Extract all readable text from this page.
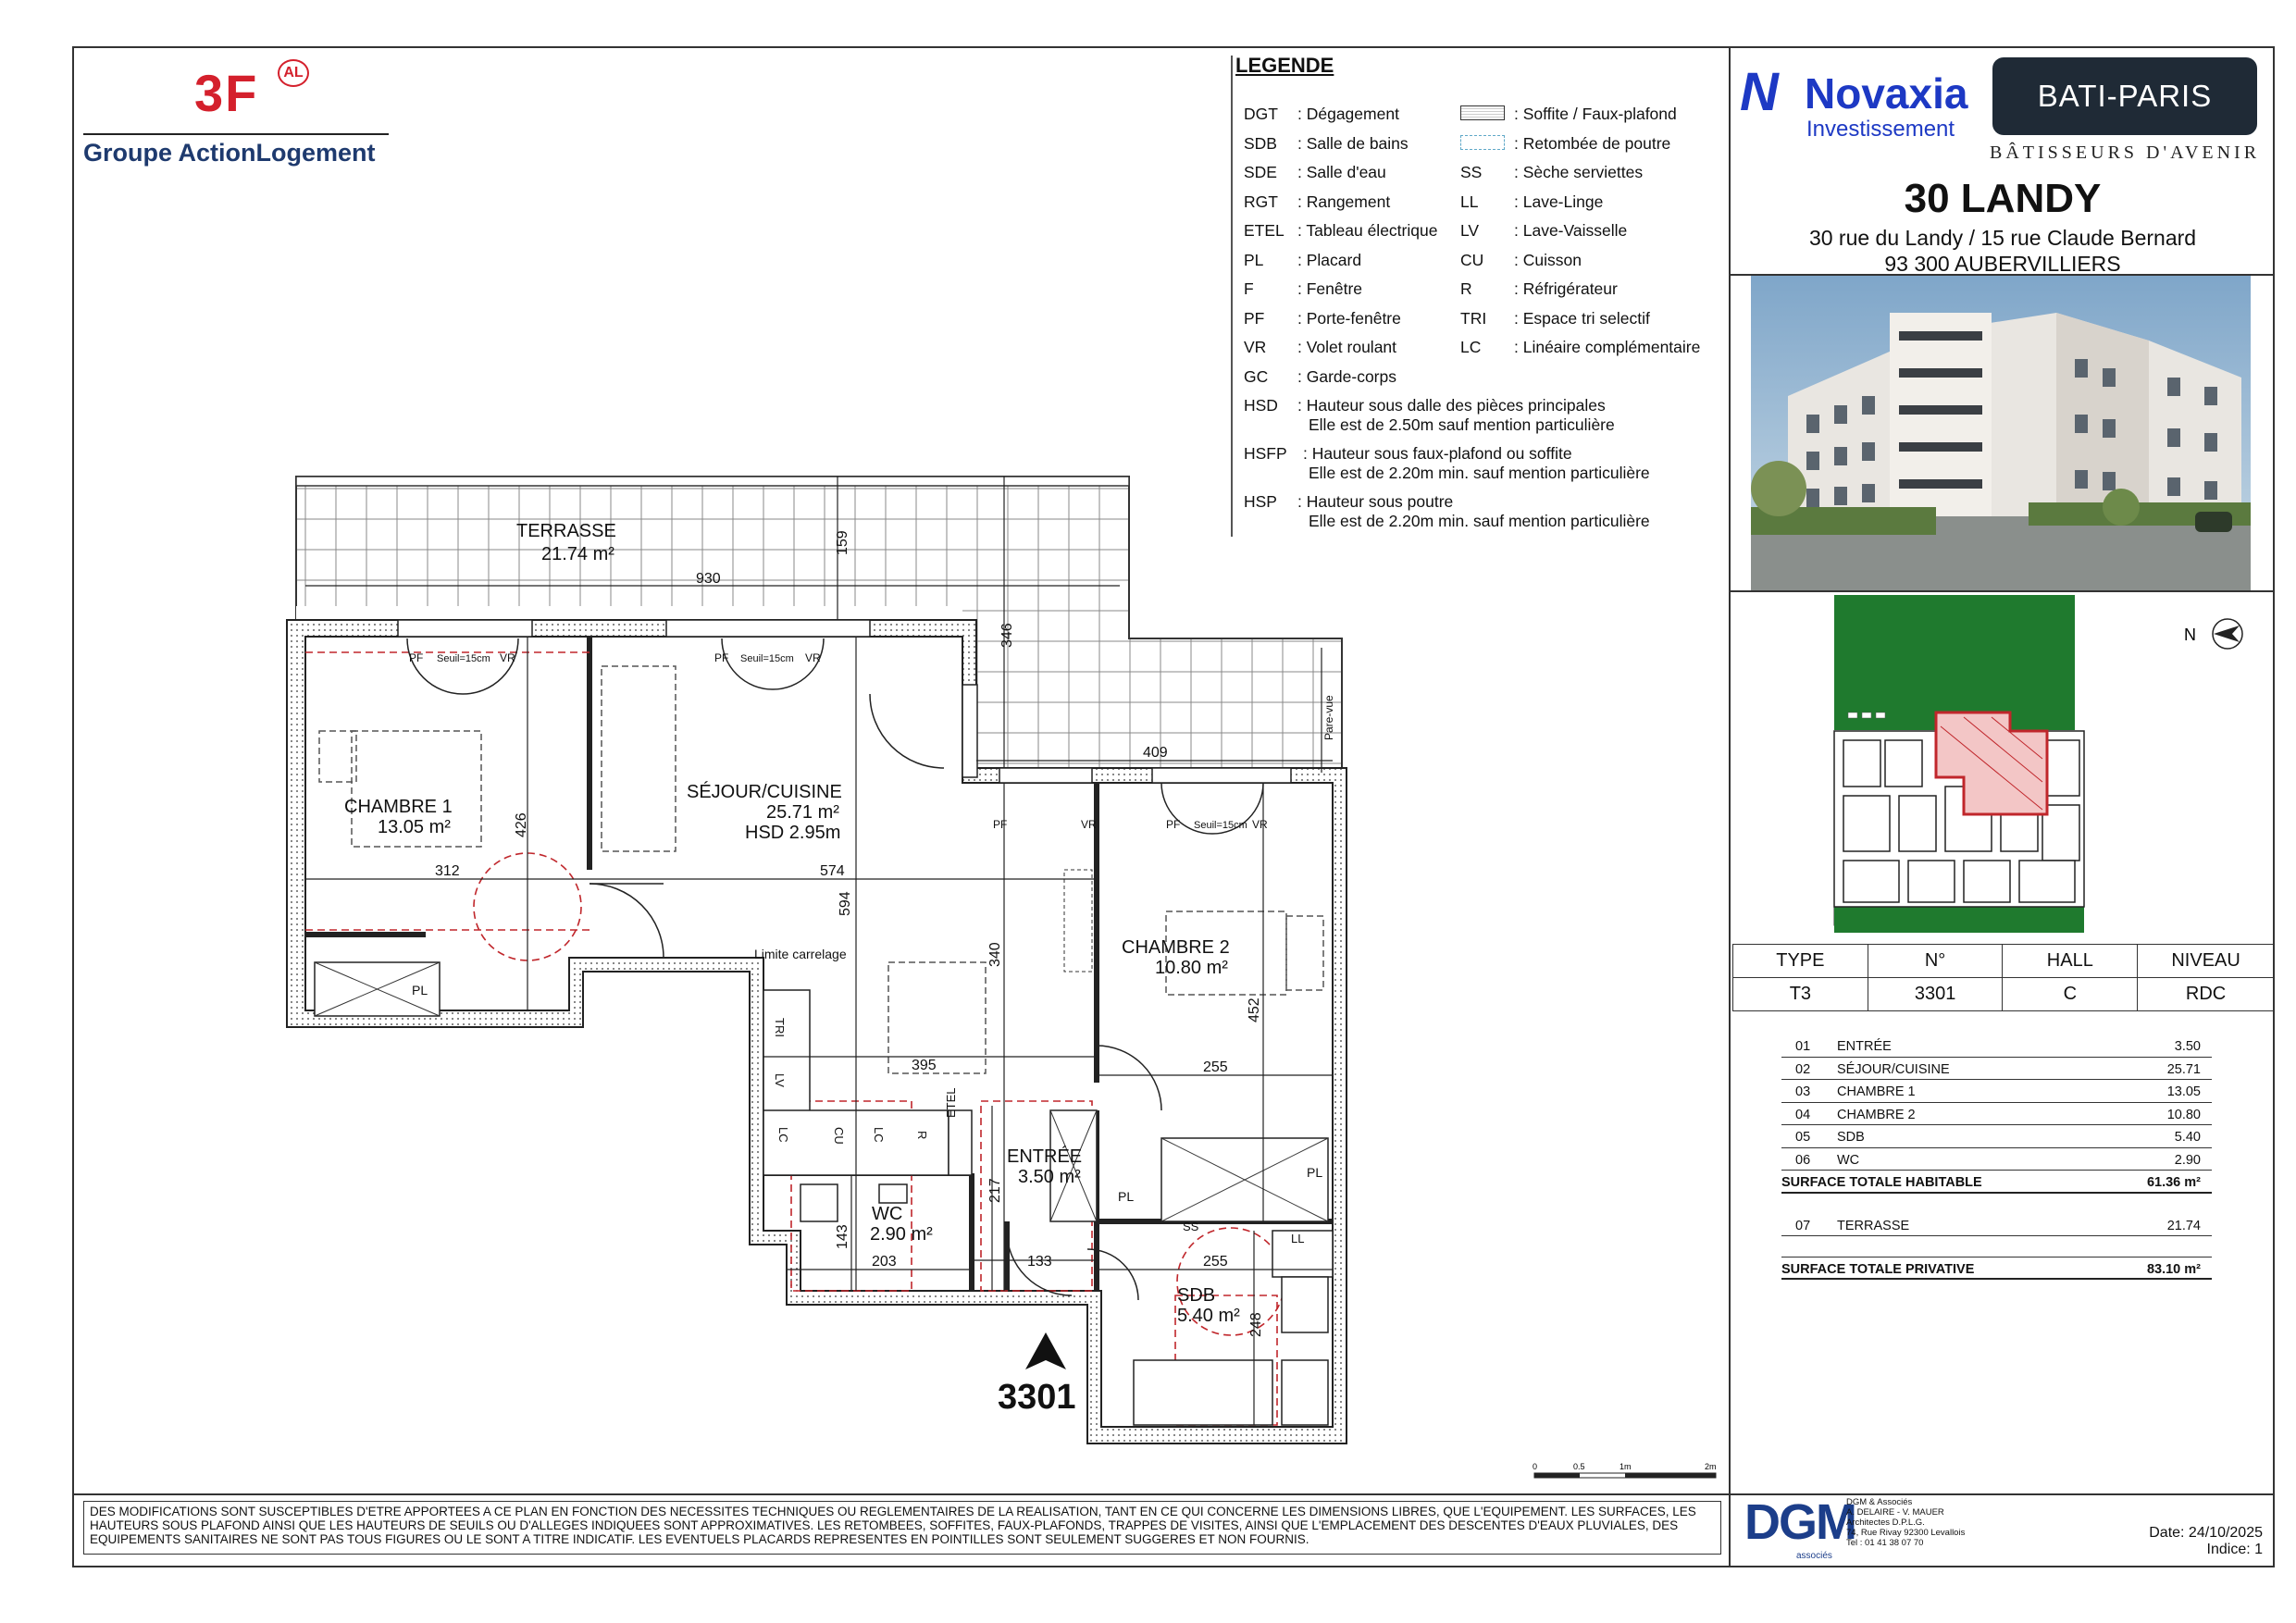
3F	AL
Groupe ActionLogement
LEGENDE
DGT : Dégagement
SDB : Salle de bains
SDE : Salle d'eau
RGT : Rangement
ETEL : Tableau électrique
PL : Placard
F	: Fenêtre
PF : Porte-fenêtre
VR : Volet roulant
GC : Garde-corps
: Soffite / Faux-plafond
: Retombée de poutre
SS : Sèche serviettes
LL : Lave-Linge
LV : Lave-Vaisselle
CU : Cuisson
R	: Réfrigérateur
TRI : Espace tri selectif
LC : Linéaire complémentaire
HSD : Hauteur sous dalle des pièces principales
Elle est de 2.50m sauf mention particulière
HSFP : Hauteur sous faux-plafond ou soffite
Elle est de 2.20m min. sauf mention particulière
HSP : Hauteur sous poutre
Elle est de 2.20m min. sauf mention particulière
N Novaxia
Investissement
BATI-PARIS
BÂTISSEURS D'AVENIR
30 LANDY
30 rue du Landy / 15 rue Claude Bernard
93 300 AUBERVILLIERS
N
TYPE	N°	HALL	NIVEAU
T3	3301	C	RDC
01 ENTRÉE	3.50
02 SÉJOUR/CUISINE	25.71
03 CHAMBRE 1	13.05
04 CHAMBRE 2	10.80
05 SDB	5.40
06 WC	2.90
SURFACE TOTALE HABITABLE	61.36 m²
07 TERRASSE	21.74
SURFACE TOTALE PRIVATIVE	83.10 m²
TERRASSE
21.74 m²
CHAMBRE 1
13.05 m²
SÉJOUR/CUISINE
25.71 m²
HSD 2.95m
CHAMBRE 2
10.80 m²
ENTRÉE
3.50 m²
WC
2.90 m²
SDB
5.40 m²
Limite carrelage
3301
930
159
346
409
426
312	574
594
340
395	255
452
217
143
203	133	255
248
PF Seuil=15cm VR	PF Seuil=15cm VR
PF	VR	PF Seuil=15cm VR
PL
PL
PL
TRI
LV
LC	CU LC R
ETEL
SS
LL
Pare-vue
0	0.5	1m	2m
DES MODIFICATIONS SONT SUSCEPTIBLES D'ETRE APPORTEES A CE PLAN EN FONCTION DES NECESSITES TECHNIQUES OU REGLEMENTAIRES DE LA REALISATION, TANT EN CE QUI CONCERNE LES DIMENSIONS LIBRES, QUE L'EQUIPEMENT. LES SURFACES, LES HAUTEURS SOUS PLAFOND AINSI QUE LES HAUTEURS DE SEUILS OU D'ALLEGES INDIQUEES SONT APPROXIMATIVES. LES RETOMBEES, SOFFITES, FAUX-PLAFONDS, TRAPPES DE VISITES, AINSI QUE L'EMPLACEMENT DES DESCENTES D'EAUX PLUVIALES, DES EQUIPEMENTS SANITAIRES NE SONT PAS TOUS FIGURES OU LE SONT A TITRE INDICATIF. LES EVENTUELS PLACARDS REPRESENTES EN POINTILLES SONT SEULEMENT SUGGERES ET NON FOURNIS.	DGM
associés
DGM & Associés
A. DELAIRE - V. MAUER
Architectes D.P.L.G.
74, Rue Rivay 92300 Levallois
Tel : 01 41 38 07 70
Date: 24/10/2025
Indice: 1
